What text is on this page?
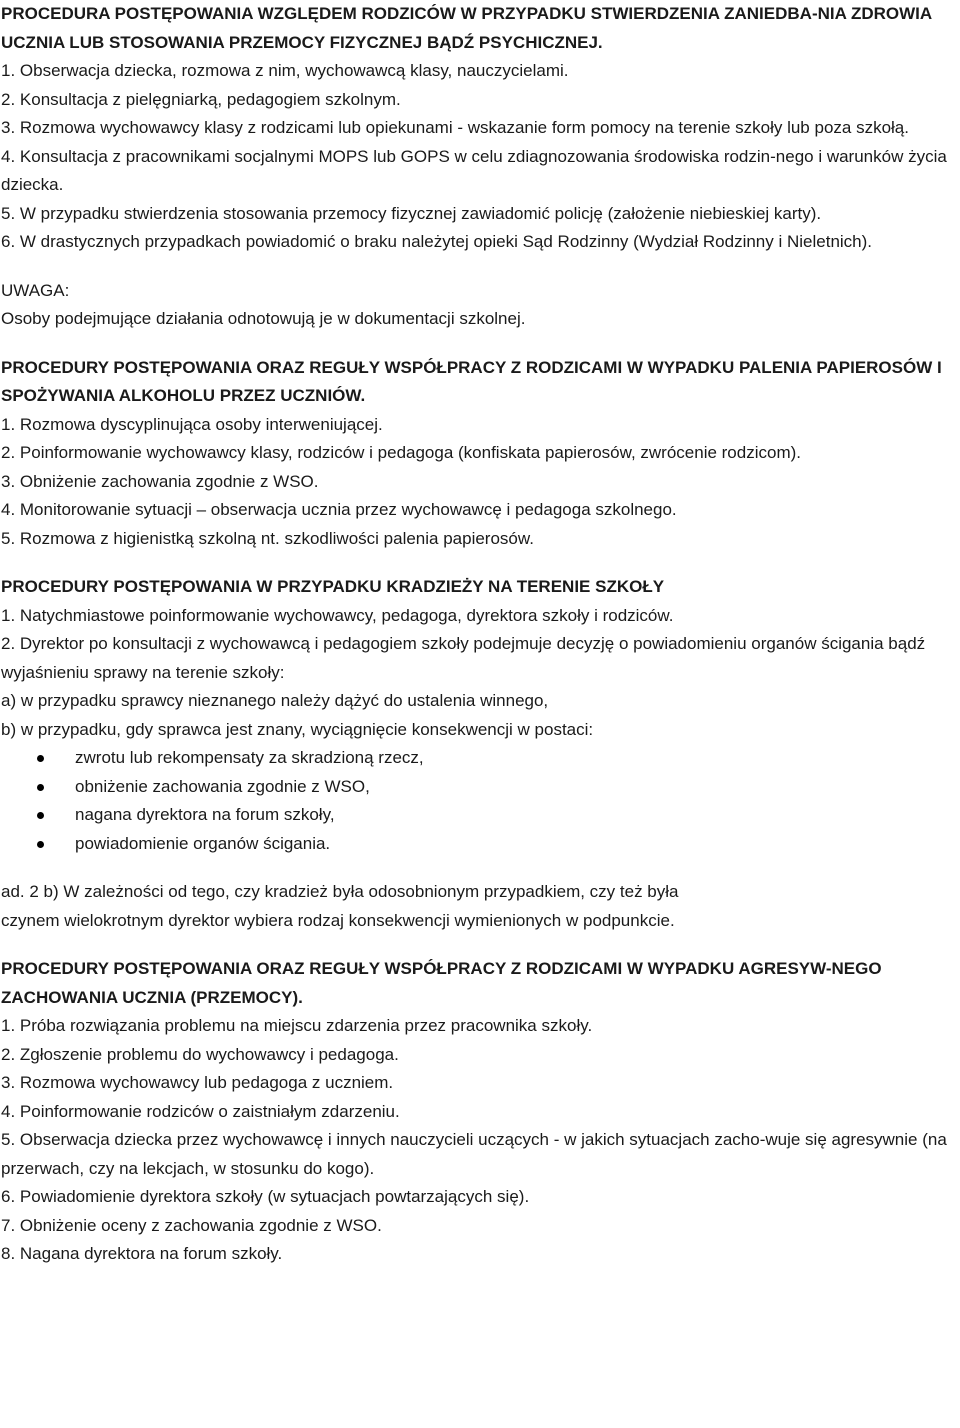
PROCEDURA POSTĘPOWANIA WZGLĘDEM RODZICÓW W PRZYPADKU STWIERDZENIA ZANIEDBA-NIA ZDROWIA UCZNIA LUB STOSOWANIA PRZEMOCY FIZYCZNEJ BĄDŹ PSYCHICZNEJ.

1. Obserwacja dziecka, rozmowa z nim, wychowawcą klasy, nauczycielami.

2. Konsultacja z pielęgniarką, pedagogiem szkolnym.

3. Rozmowa wychowawcy klasy z rodzicami lub opiekunami - wskazanie form pomocy na terenie szkoły lub poza szkołą.

4. Konsultacja z pracownikami socjalnymi MOPS lub GOPS w celu zdiagnozowania środowiska rodzin-nego i warunków życia dziecka.

5. W przypadku stwierdzenia stosowania przemocy fizycznej zawiadomić policję (założenie niebieskiej karty).

6. W drastycznych przypadkach powiadomić o braku należytej opieki Sąd Rodzinny (Wydział Rodzinny i Nieletnich).

UWAGA:

Osoby podejmujące działania odnotowują je w dokumentacji szkolnej.

PROCEDURY POSTĘPOWANIA ORAZ REGUŁY WSPÓŁPRACY Z RODZICAMI W WYPADKU PALENIA PAPIEROSÓW I SPOŻYWANIA ALKOHOLU PRZEZ UCZNIÓW.

1. Rozmowa dyscyplinująca osoby interweniującej.

2. Poinformowanie wychowawcy klasy, rodziców i pedagoga (konfiskata papierosów, zwrócenie rodzicom).

3. Obniżenie zachowania zgodnie z WSO.

4. Monitorowanie sytuacji – obserwacja ucznia przez wychowawcę i pedagoga szkolnego.

5. Rozmowa z higienistką szkolną nt. szkodliwości palenia papierosów.

PROCEDURY POSTĘPOWANIA W PRZYPADKU KRADZIEŻY NA TERENIE SZKOŁY

1. Natychmiastowe poinformowanie wychowawcy, pedagoga, dyrektora szkoły i rodziców.

2. Dyrektor po konsultacji z wychowawcą i pedagogiem szkoły podejmuje decyzję o powiadomieniu organów ścigania bądź wyjaśnieniu sprawy na terenie szkoły:

a) w przypadku sprawcy nieznanego należy dążyć do ustalenia winnego,

b) w przypadku, gdy sprawca jest znany, wyciągnięcie konsekwencji w postaci:

zwrotu lub rekompensaty za skradzioną rzecz,
obniżenie zachowania zgodnie z WSO,
nagana dyrektora na forum szkoły,
powiadomienie organów ścigania.

ad. 2 b) W zależności od tego, czy kradzież była odosobnionym przypadkiem, czy też była

czynem wielokrotnym dyrektor wybiera rodzaj konsekwencji wymienionych w podpunkcie.

PROCEDURY POSTĘPOWANIA ORAZ REGUŁY WSPÓŁPRACY Z RODZICAMI W WYPADKU AGRESYW-NEGO ZACHOWANIA UCZNIA (PRZEMOCY).

1. Próba rozwiązania problemu na miejscu zdarzenia przez pracownika szkoły.

2. Zgłoszenie problemu do wychowawcy i pedagoga.

3. Rozmowa wychowawcy lub pedagoga z uczniem.

4. Poinformowanie rodziców o zaistniałym zdarzeniu.

5. Obserwacja dziecka przez wychowawcę i innych nauczycieli uczących - w jakich sytuacjach zacho-wuje się agresywnie (na przerwach, czy na lekcjach, w stosunku do kogo).

6. Powiadomienie dyrektora szkoły (w sytuacjach powtarzających się).

7. Obniżenie oceny z zachowania zgodnie z WSO.

8. Nagana dyrektora na forum szkoły.
